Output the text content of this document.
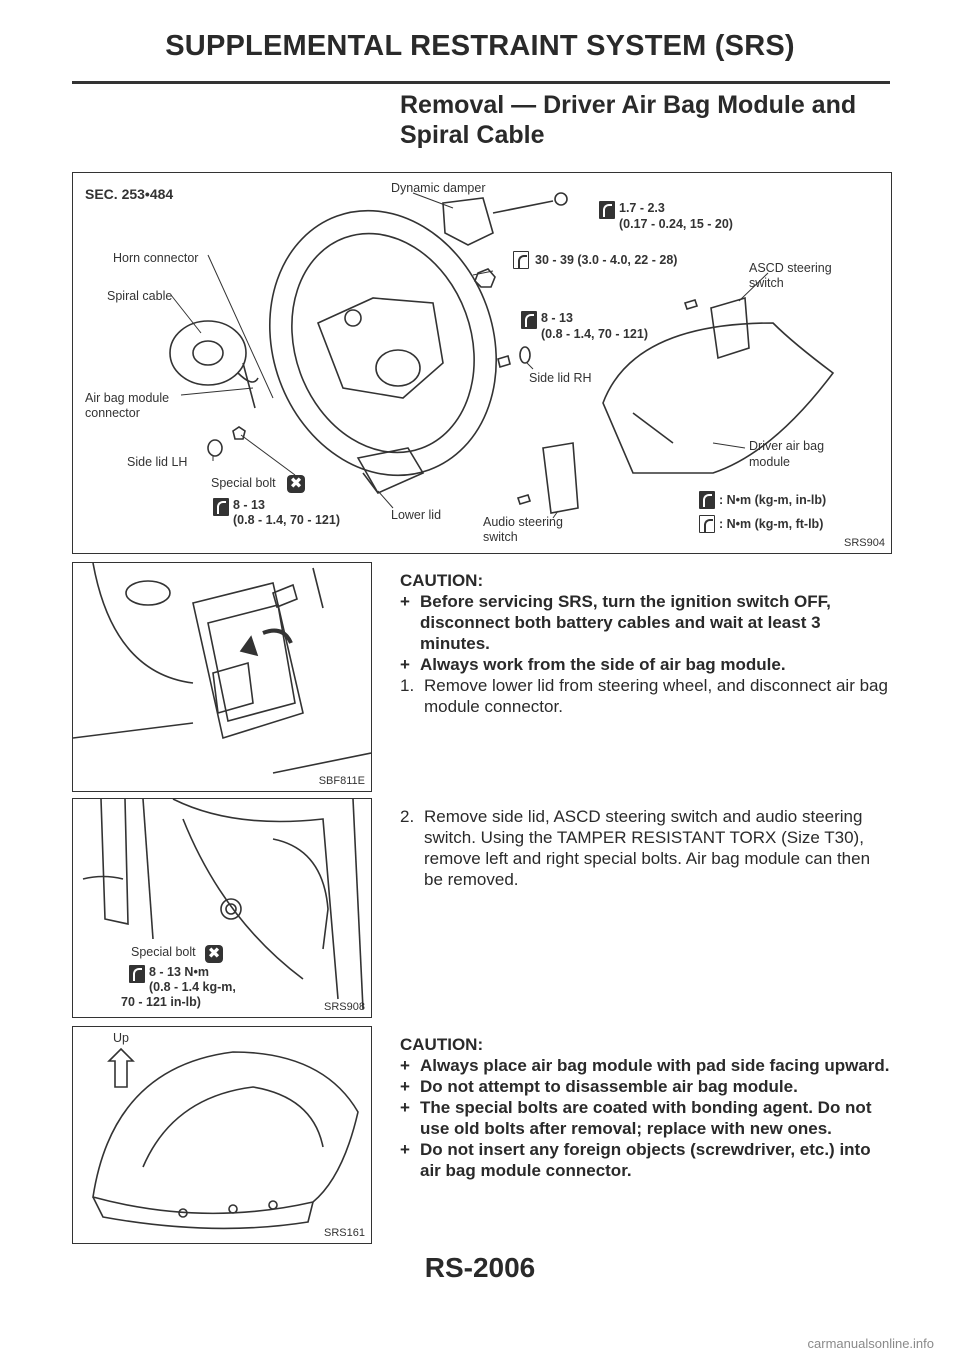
SUPPLEMENTAL RESTRAINT SYSTEM (SRS)
Removal — Driver Air Bag Module and Spiral Cable
SEC. 253•484	Dynamic damper
Horn connector
Spiral cable
Air bag module
connector
Side lid LH
Special bolt ✖
8 - 13
(0.8 - 1.4, 70 - 121)	Lower lid
1.7 - 2.3
(0.17 - 0.24, 15 - 20)
30 - 39 (3.0 - 4.0, 22 - 28)
8 - 13
(0.8 - 1.4, 70 - 121)
Side lid RH
ASCD steering
switch
Driver air bag
module
Audio steering
switch
: N•m (kg-m, in-lb)
: N•m (kg-m, ft-lb)
SRS904
SBF811E
Special bolt ✖
8 - 13 N•m
(0.8 - 1.4 kg-m,
70 - 121 in-lb)	SRS908
Up
SRS161
CAUTION:
+ Before servicing SRS, turn the ignition switch OFF, disconnect both battery cables and wait at least 3 minutes.
+ Always work from the side of air bag module.
1. Remove lower lid from steering wheel, and disconnect air bag module connector.
2. Remove side lid, ASCD steering switch and audio steering switch. Using the TAMPER RESISTANT TORX (Size T30), remove left and right special bolts. Air bag module can then be removed.
CAUTION:
+ Always place air bag module with pad side facing upward.
+ Do not attempt to disassemble air bag module.
+ The special bolts are coated with bonding agent. Do not use old bolts after removal; replace with new ones.
+ Do not insert any foreign objects (screwdriver, etc.) into air bag module connector.
RS-2006
carmanualsonline.info
